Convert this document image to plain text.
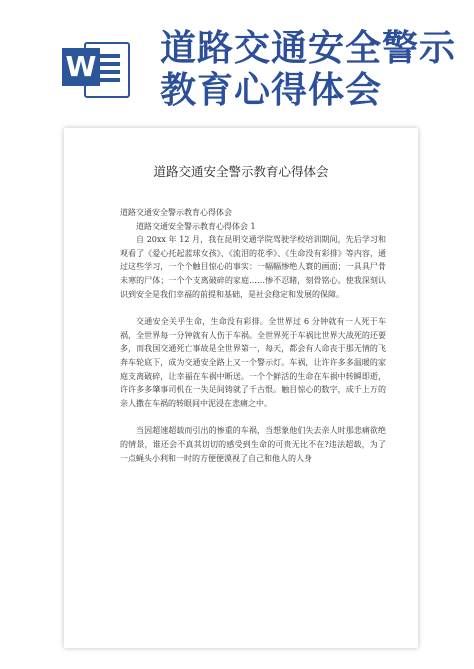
W 道路交通安全警示
教育心得体会
道路交通安全警示教育心得体会

道路交通安全警示教育心得体会

道路交通安全警示教育心得体会 1

自 20xx 年 12 月，我在昆明交通学院驾驶学校培训期间，先后学习和观看了《爱心托起蓝球女孩》、《流泪的花季》、《生命没有彩排》等内容，通过这些学习，一个个触目惊心的事实：一幅幅惨绝人寰的画面；一具具尸骨未寒的尸体；一个个支离破碎的家庭……惨不忍睹，刻骨铭心。使我深刻认识到安全是我们幸福的前提和基础，是社会稳定和发展的保障。

交通安全关乎生命，生命没有彩排。全世界过 6 分钟就有一人死于车祸，全世界每一分钟就有人伤于车祸。全世界死于车祸比世界大战死的还要多，而我国交通死亡事故是全世界第一，每天，都会有人命丧于那无情的飞奔车轮底下，成为交通安全路上又一个警示灯。车祸，让许许多多温暖的家庭支离破碎，让幸福在车祸中断送。一个个鲜活的生命在车祸中转瞬即逝，许许多多肇事司机在一失足间铸就了千古恨。触目惊心的数字，成千上万的亲人撒在车祸的转眼间中泥浸在悲痛之中。

当因超速超载而引出的惨重的车祸，当想象他们失去亲人时那悲痛欲绝的情景，谁还会不真其切切的感受到生命的可贵无比不在?违法超载，为了一点蝇头小利和一时的方便便漠视了自己和他人的人身
